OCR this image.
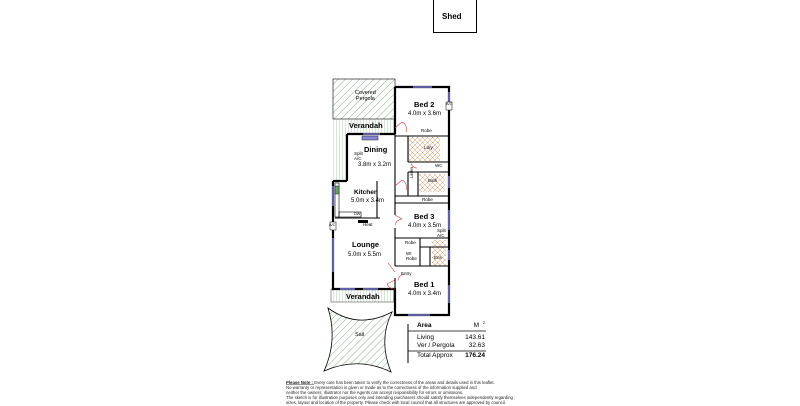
Shed
Covered
Pergola
Verandah
Bed 2
4.0m x 3.6m
Dining
3.8m x 3.2m
Kitchen
5.0m x 3.4m
Bed 3
4.0m x 3.5m
Lounge
5.0m x 5.5m
Bed 1
4.0m x 3.4m
Verandah
Sail
Robe
Robe
Robe
Ldry
Bath
WC
Linen
Ens
WI
Robe
Entry
Heat
Split
A/C
Split
A/C
A/C
A/C
DW
Area	M 2
Living	143.61
Ver / Pergola 32.63
Total Approx 176.24
Please Note : Every care has been taken to verify the correctness of the areas and details used in this leaflet.
No warranty or representation is given or made as to the correctness of the information supplied and
neither the owners, illustrator nor the Agents can accept responsibility for errors or omissions.
The sketch is for illustration purposes only and intending purchasers should satisfy themselves independently regarding ;
sizes, layout and location of the property. Please check with local council that all structures are approved by council.
